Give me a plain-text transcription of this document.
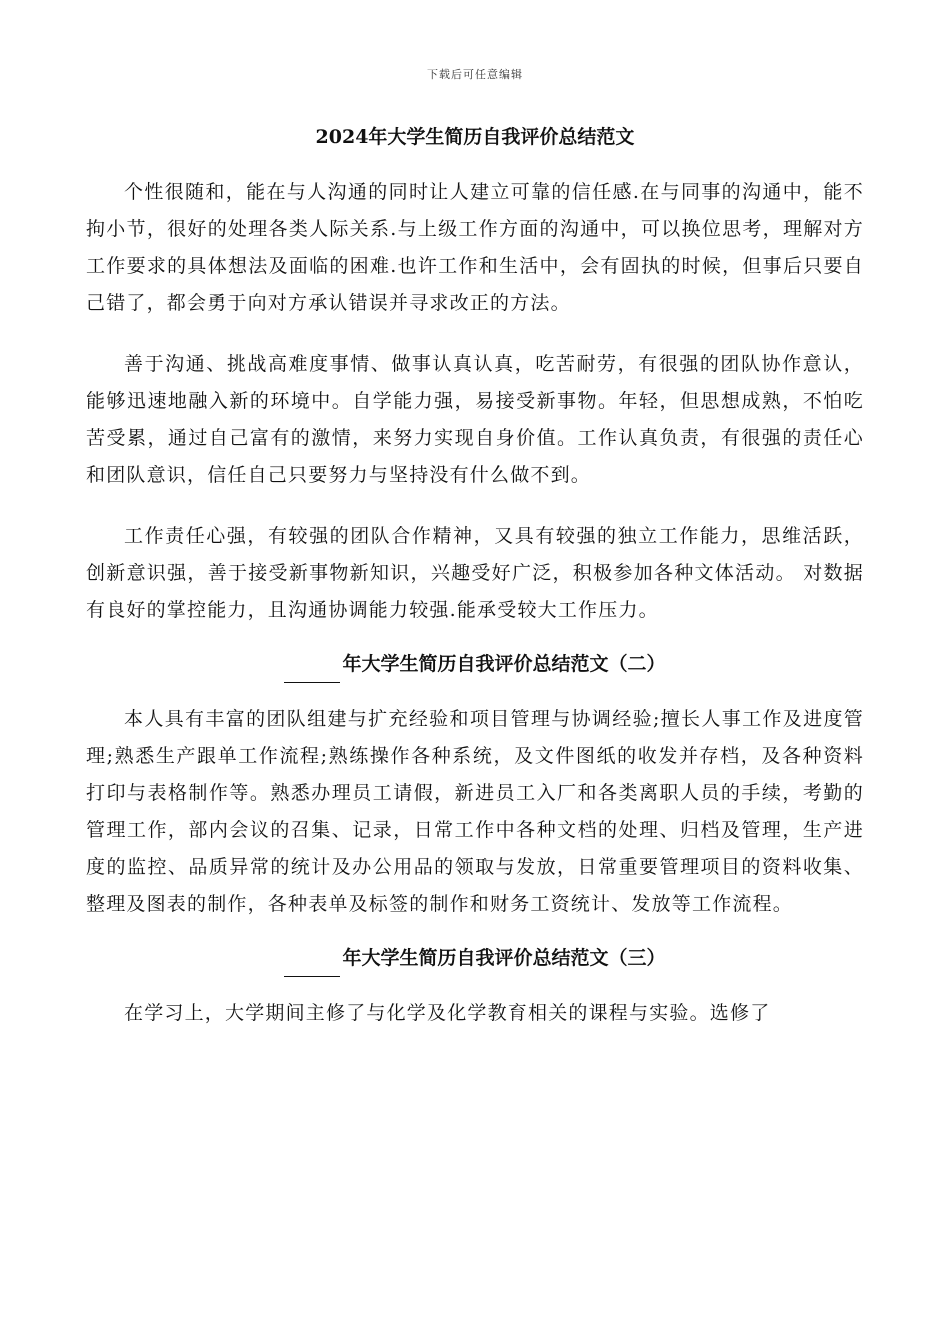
下载后可任意编辑
2024年大学生简历自我评价总结范文

个性很随和，能在与人沟通的同时让人建立可靠的信任感.在与同事的沟通中，能不拘小节，很好的处理各类人际关系.与上级工作方面的沟通中，可以换位思考，理解对方工作要求的具体想法及面临的困难.也许工作和生活中，会有固执的时候，但事后只要自己错了，都会勇于向对方承认错误并寻求改正的方法。

善于沟通、挑战高难度事情、做事认真认真，吃苦耐劳，有很强的团队协作意认，能够迅速地融入新的环境中。自学能力强，易接受新事物。年轻，但思想成熟，不怕吃苦受累，通过自己富有的激情，来努力实现自身价值。工作认真负责，有很强的责任心和团队意识，信任自己只要努力与坚持没有什么做不到。

工作责任心强，有较强的团队合作精神，又具有较强的独立工作能力，思维活跃，创新意识强，善于接受新事物新知识，兴趣受好广泛，积极参加各种文体活动。 对数据有良好的掌控能力，且沟通协调能力较强.能承受较大工作压力。

年大学生简历自我评价总结范文（二）

本人具有丰富的团队组建与扩充经验和项目管理与协调经验;擅长人事工作及进度管理;熟悉生产跟单工作流程;熟练操作各种系统，及文件图纸的收发并存档，及各种资料打印与表格制作等。熟悉办理员工请假，新进员工入厂和各类离职人员的手续，考勤的管理工作，部内会议的召集、记录，日常工作中各种文档的处理、归档及管理，生产进度的监控、品质异常的统计及办公用品的领取与发放，日常重要管理项目的资料收集、整理及图表的制作，各种表单及标签的制作和财务工资统计、发放等工作流程。

年大学生简历自我评价总结范文（三）

在学习上，大学期间主修了与化学及化学教育相关的课程与实验。选修了
